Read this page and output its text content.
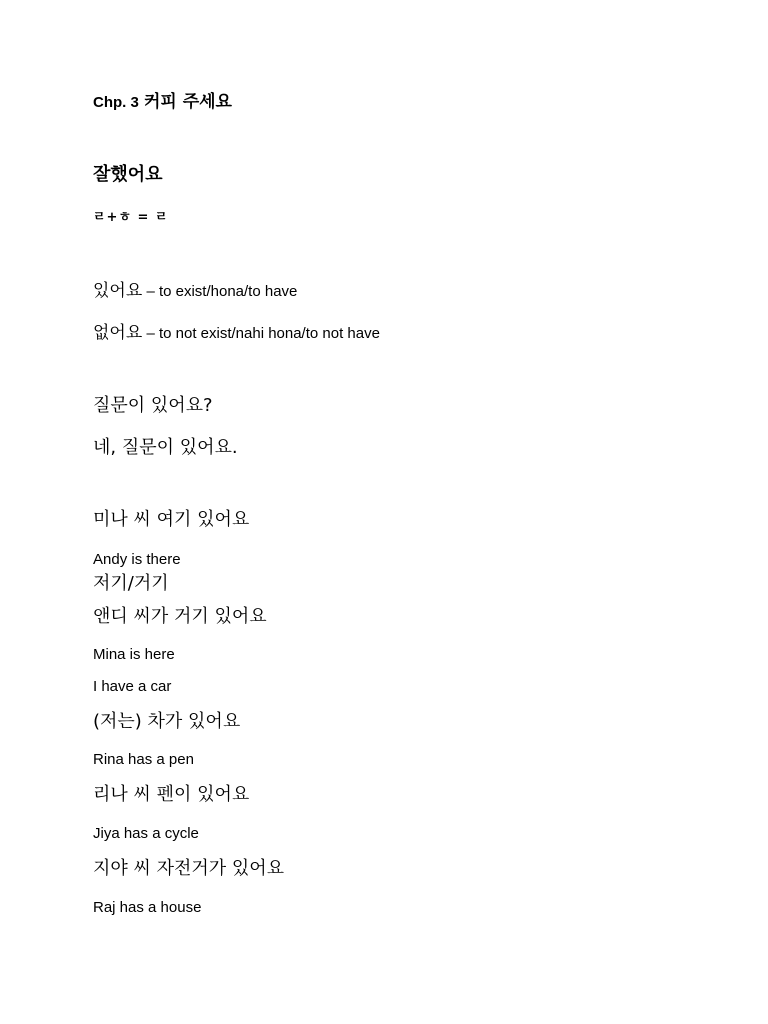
Chp. 3 커피 주세요
잘했어요
ㄹ+ㅎ = ㄹ
있어요 – to exist/hona/to have
없어요 – to not exist/nahi hona/to not have
질문이 있어요?
네, 질문이 있어요.
미나 씨 여기 있어요
Andy is there
저기/거기
앤디 씨가 거기 있어요
Mina is here
I have a car
(저는) 차가 있어요
Rina has a pen
리나 씨 펜이 있어요
Jiya has a cycle
지야 씨 자전거가 있어요
Raj has a house
